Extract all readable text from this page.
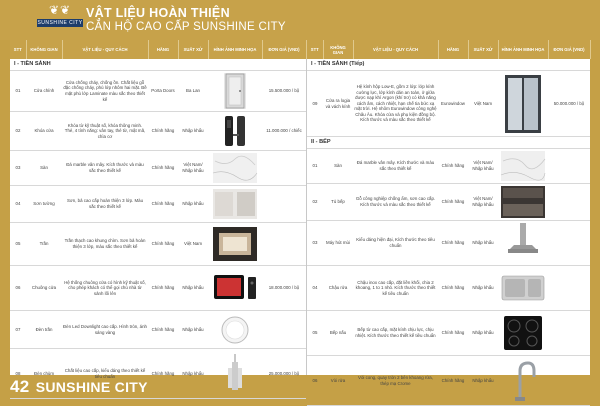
❦❦
SUNSHINE CITY
VẬT LIỆU HOÀN THIỆN
CĂN HỘ CAO CẤP SUNSHINE CITY
STT	KHÔNG GIAN	VẬT LIỆU - QUY CÁCH	HÃNG	XUẤT XỨ	HÌNH ẢNH MINH HỌA	ĐƠN GIÁ (VND)
I - TIỀN SẢNH						
01	Cửa chính	Cửa chống cháy, chống ồn. Chất liệu gỗ đặc chống cháy, phủ lớp nhôm hai mặt. Bề mặt phủ lớp Laminate màu sắc theo thiết kế	Porta Doors	Ba Lan		15.500.000 / bộ
02	Khóa cửa	Khóa từ kỹ thuật số, khóa thông minh. Thẻ, 4 tính năng: vân tay, thẻ từ, mật mã, chìa cơ	Chính hãng	Nhập khẩu		11.000.000 / chiếc
03	Sàn	Đá marble vân mây. Kích thước và màu sắc theo thiết kế	Chính hãng	Việt Nam/ Nhập khẩu	

04	Sơn tường	Sơn, bả cao cấp hoàn thiện 3 lớp. Màu sắc theo thiết kế	Chính hãng	Nhập khẩu	

05	Trần	Trần thạch cao khung chìm. Sơn bả hoàn thiện 3 lớp, màu sắc theo thiết kế	Chính hãng	Việt Nam	

06	Chuông cửa	Hệ thống chuông cửa có hình kỹ thuật số, cho phép khách có thể gọi chủ nhà từ sảnh lối lên	Chính hãng	Nhập khẩu		18.000.000 / bộ
07	Đèn trần	Đèn Led Downlight cao cấp. Hình tròn, ánh sáng vàng	Chính hãng	Nhập khẩu	

08	Đèn chùm	Chất liệu cao cấp, kiểu dáng theo thiết kế tiêu chuẩn	Chính hãng	Nhập khẩu		25.000.000 / bộ
STT	KHÔNG GIAN	VẬT LIỆU - QUY CÁCH	HÃNG	XUẤT XỨ	HÌNH ẢNH MINH HỌA	ĐƠN GIÁ (VND)
I - TIỀN SẢNH (Tiếp)						
09	Cửa ra logia và vách kính	Hệ kính hộp Low-E, gồm 2 lớp: lớp kính cường lực, lớp kính dán an toàn, ở giữa được nạp khí Argon (khí trơ) có khả năng cách âm, cách nhiệt, hạn chế tia bức xạ mặt trời. Hệ nhôm Eurowindow công nghệ Châu Âu. Khóa cửa và phụ kiện đồng bộ. Kích thước và màu sắc theo thiết kế	Eurowindow	Việt Nam		50.000.000 / bộ
II - BẾP						
01	Sàn	Đá marble vân mây. Kích thước và màu sắc theo thiết kế	Chính hãng	Việt Nam/ Nhập khẩu	

02	Tủ bếp	Gỗ công nghiệp chống ẩm, sơn cao cấp. Kích thước và màu sắc theo thiết kế	Chính hãng	Việt Nam/ Nhập khẩu	

03	Máy hút mùi	Kiểu dáng hiện đại, Kích thước theo tiêu chuẩn	Chính hãng	Nhập khẩu	

04	Chậu rửa	Chậu inox cao cấp, đặt liền khối, chia 2 khoang, 1 to 1 nhỏ. Kích thước theo thiết kế tiêu chuẩn	Chính hãng	Nhập khẩu	

05	Bếp nấu	Bếp từ cao cấp, mặt kính chịu lực, chịu nhiệt. Kích thước theo thiết kế tiêu chuẩn	Chính hãng	Nhập khẩu	

06	Vòi rửa	Vòi cong, quay tròn 2 bên khoang rửa, thép mạ Crome	Chính hãng	Nhập khẩu	

42 SUNSHINE CITY
